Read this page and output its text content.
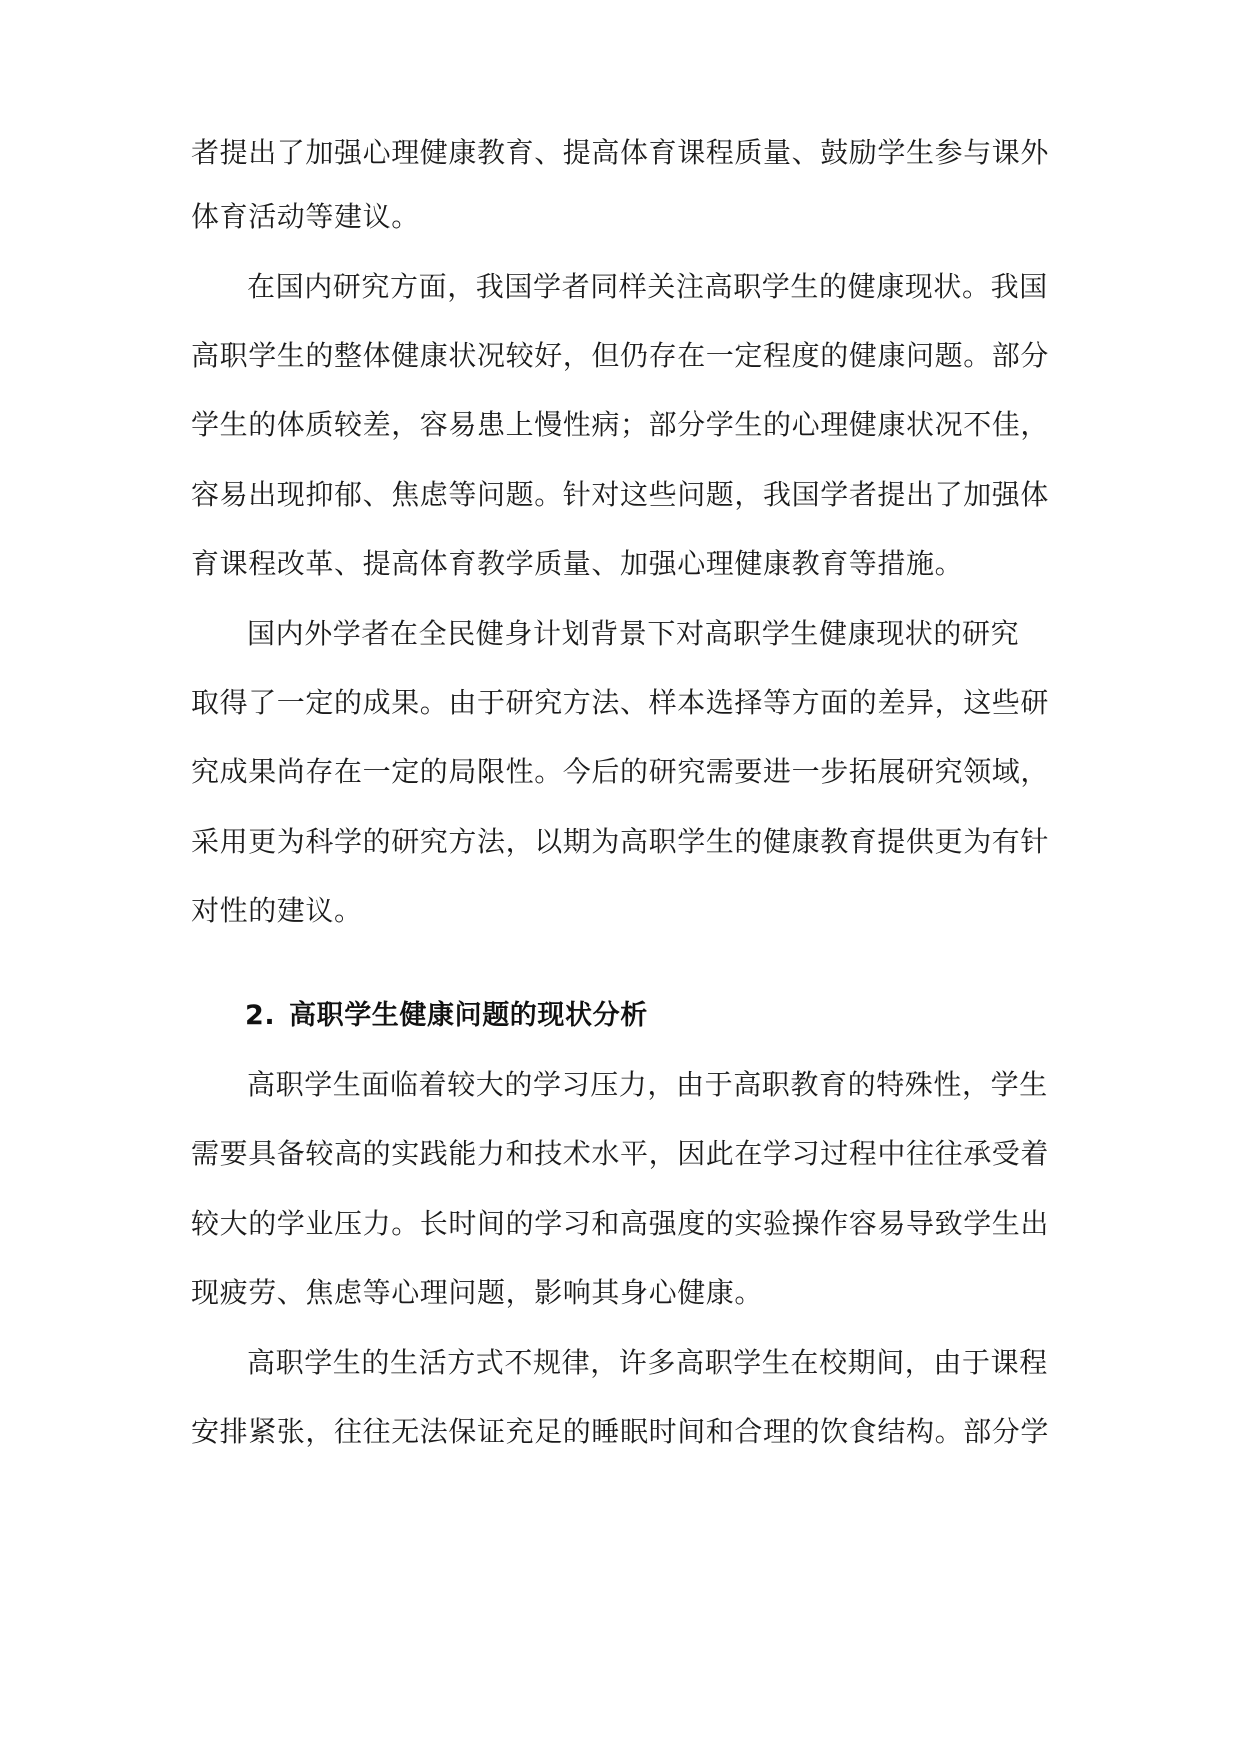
者提出了加强心理健康教育、提高体育课程质量、鼓励学生参与课外
体育活动等建议。
在国内研究方面，我国学者同样关注高职学生的健康现状。我国
高职学生的整体健康状况较好，但仍存在一定程度的健康问题。部分
学生的体质较差，容易患上慢性病；部分学生的心理健康状况不佳，
容易出现抑郁、焦虑等问题。针对这些问题，我国学者提出了加强体
育课程改革、提高体育教学质量、加强心理健康教育等措施。
国内外学者在全民健身计划背景下对高职学生健康现状的研究
取得了一定的成果。由于研究方法、样本选择等方面的差异，这些研
究成果尚存在一定的局限性。今后的研究需要进一步拓展研究领域，
采用更为科学的研究方法，以期为高职学生的健康教育提供更为有针
对性的建议。
2. 高职学生健康问题的现状分析
高职学生面临着较大的学习压力，由于高职教育的特殊性，学生
需要具备较高的实践能力和技术水平，因此在学习过程中往往承受着
较大的学业压力。长时间的学习和高强度的实验操作容易导致学生出
现疲劳、焦虑等心理问题，影响其身心健康。
高职学生的生活方式不规律，许多高职学生在校期间，由于课程
安排紧张，往往无法保证充足的睡眠时间和合理的饮食结构。部分学
